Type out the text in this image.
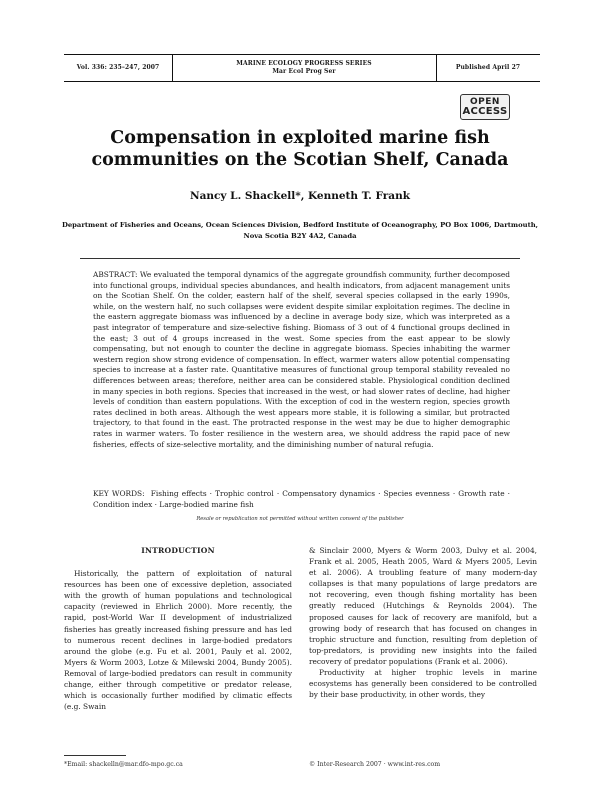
Vol. 336: 235–247, 2007
MARINE ECOLOGY PROGRESS SERIES
Mar Ecol Prog Ser
Published April 27
OPEN
ACCESS
Compensation in exploited marine fish
communities on the Scotian Shelf, Canada
Nancy L. Shackell*, Kenneth T. Frank
Department of Fisheries and Oceans, Ocean Sciences Division, Bedford Institute of Oceanography, PO Box 1006, Dartmouth,
Nova Scotia B2Y 4A2, Canada
ABSTRACT: We evaluated the temporal dynamics of the aggregate groundfish community, further decomposed into functional groups, individual species abundances, and health indicators, from adjacent management units on the Scotian Shelf. On the colder, eastern half of the shelf, several species collapsed in the early 1990s, while, on the western half, no such collapses were evident despite similar exploitation regimes. The decline in the eastern aggregate biomass was influenced by a decline in average body size, which was interpreted as a past integrator of temperature and size-selective fishing. Biomass of 3 out of 4 functional groups declined in the east; 3 out of 4 groups increased in the west. Some species from the east appear to be slowly compensating, but not enough to counter the decline in aggregate biomass. Species inhabiting the warmer western region show strong evidence of compensation. In effect, warmer waters allow potential compensating species to increase at a faster rate. Quantitative measures of functional group temporal stability revealed no differences between areas; therefore, neither area can be considered stable. Physiological condition declined in many species in both regions. Species that increased in the west, or had slower rates of decline, had higher levels of condition than eastern populations. With the exception of cod in the western region, species growth rates declined in both areas. Although the west appears more stable, it is following a similar, but protracted trajectory, to that found in the east. The protracted response in the west may be due to higher demographic rates in warmer waters. To foster resilience in the western area, we should address the rapid pace of new fisheries, effects of size-selective mortality, and the diminishing number of natural refugia.
KEY WORDS: Fishing effects · Trophic control · Compensatory dynamics · Species evenness · Growth rate · Condition index · Large-bodied marine fish
Resale or republication not permitted without written consent of the publisher
INTRODUCTION

Historically, the pattern of exploitation of natural resources has been one of excessive depletion, associated with the growth of human populations and technological capacity (reviewed in Ehrlich 2000). More recently, the rapid, post-World War II development of industrialized fisheries has greatly increased fishing pressure and has led to numerous recent declines in large-bodied predators around the globe (e.g. Fu et al. 2001, Pauly et al. 2002, Myers & Worm 2003, Lotze & Milewski 2004, Bundy 2005). Removal of large-bodied predators can result in community change, either through competitive or predator release, which is occasionally further modified by climatic effects (e.g. Swain

& Sinclair 2000, Myers & Worm 2003, Dulvy et al. 2004, Frank et al. 2005, Heath 2005, Ward & Myers 2005, Levin et al. 2006). A troubling feature of many modern-day collapses is that many populations of large predators are not recovering, even though fishing mortality has been greatly reduced (Hutchings & Reynolds 2004). The proposed causes for lack of recovery are manifold, but a growing body of research that has focused on changes in trophic structure and function, resulting from depletion of top-predators, is providing new insights into the failed recovery of predator populations (Frank et al. 2006).

Productivity at higher trophic levels in marine ecosystems has generally been considered to be controlled by their base productivity, in other words, they

*Email: shackelln@mar.dfo-mpo.gc.ca	© Inter-Research 2007 · www.int-res.com
